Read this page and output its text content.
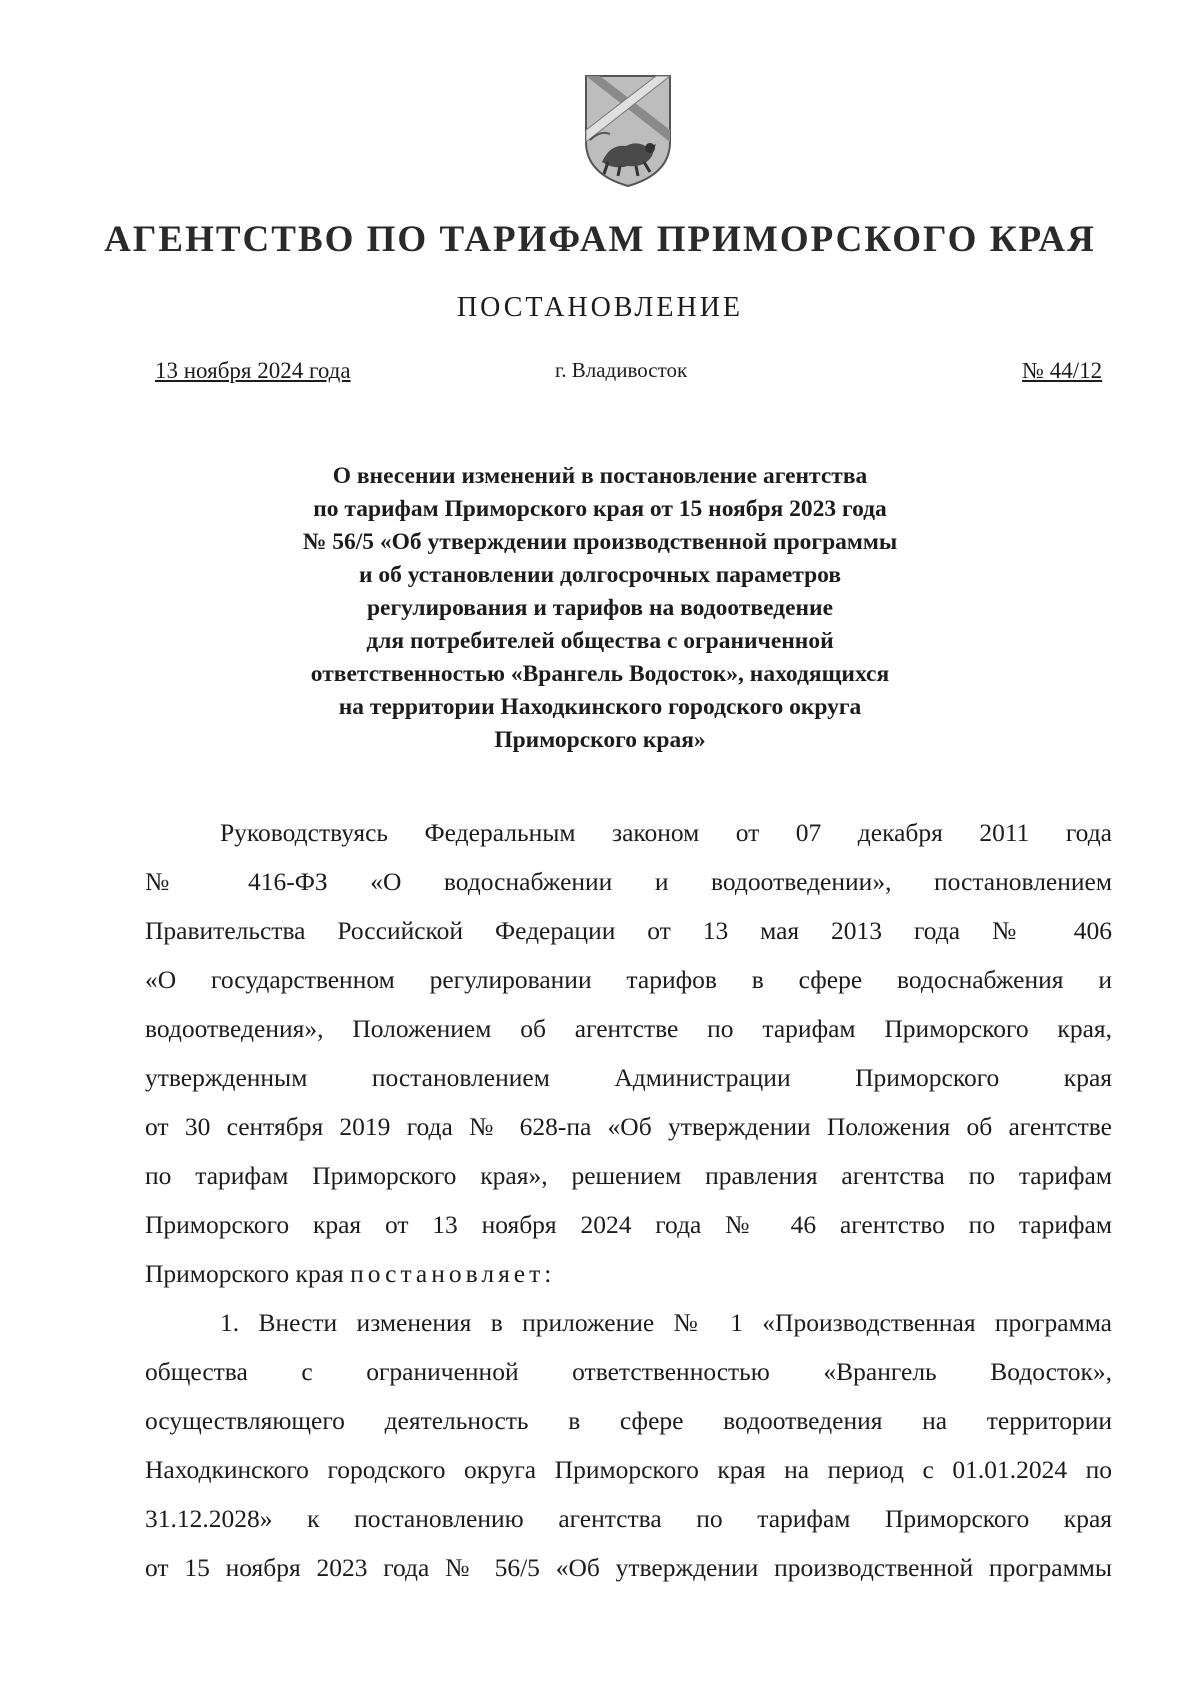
АГЕНТСТВО ПО ТАРИФАМ ПРИМОРСКОГО КРАЯ
ПОСТАНОВЛЕНИЕ
13 ноября 2024 года	г. Владивосток	№ 44/12
О внесении изменений в постановление агентства
по тарифам Приморского края от 15 ноября 2023 года
№ 56/5 «Об утверждении производственной программы
и об установлении долгосрочных параметров
регулирования и тарифов на водоотведение
для потребителей общества с ограниченной
ответственностью «Врангель Водосток», находящихся
на территории Находкинского городского округа
Приморского края»

Руководствуясь Федеральным законом от 07 декабря 2011 года
№ 416-ФЗ «О водоснабжении и водоотведении», постановлением
Правительства Российской Федерации от 13 мая 2013 года № 406
«О государственном регулировании тарифов в сфере водоснабжения и
водоотведения», Положением об агентстве по тарифам Приморского края,
утвержденным постановлением Администрации Приморского края
от 30 сентября 2019 года № 628-па «Об утверждении Положения об агентстве
по тарифам Приморского края», решением правления агентства по тарифам
Приморского края от 13 ноября 2024 года № 46 агентство по тарифам
Приморского края постановляет:

1. Внести изменения в приложение № 1 «Производственная программа
общества с ограниченной ответственностью «Врангель Водосток»,
осуществляющего деятельность в сфере водоотведения на территории
Находкинского городского округа Приморского края на период с 01.01.2024 по
31.12.2028» к постановлению агентства по тарифам Приморского края
от 15 ноября 2023 года № 56/5 «Об утверждении производственной программы
